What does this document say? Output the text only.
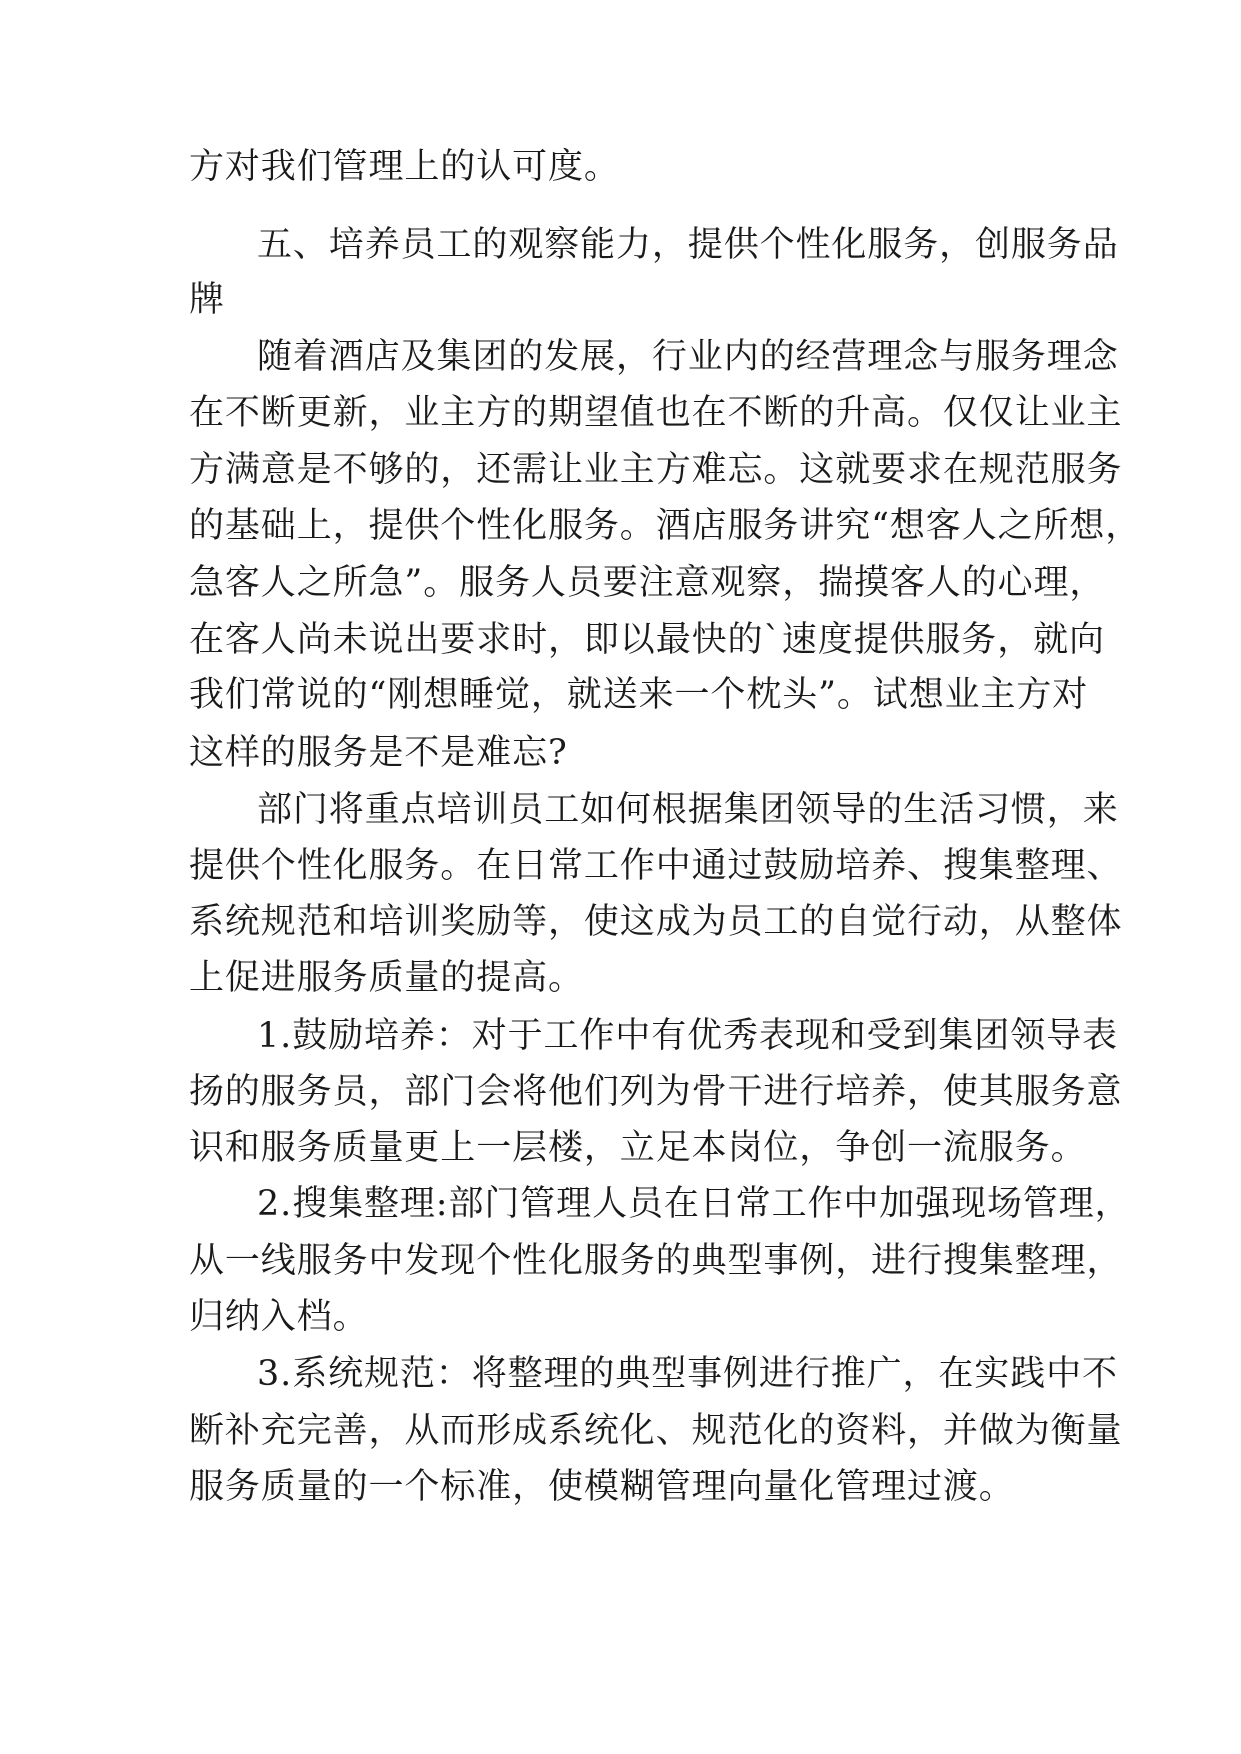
方对我们管理上的认可度。
五、培养员工的观察能力，提供个性化服务，创服务品
牌
随着酒店及集团的发展，行业内的经营理念与服务理念
在不断更新，业主方的期望值也在不断的升高。仅仅让业主
方满意是不够的，还需让业主方难忘。这就要求在规范服务
的基础上，提供个性化服务。酒店服务讲究“想客人之所想，
急客人之所急”。服务人员要注意观察，揣摸客人的心理，
在客人尚未说出要求时，即以最快的`速度提供服务，就向
我们常说的“刚想睡觉，就送来一个枕头”。试想业主方对
这样的服务是不是难忘?
部门将重点培训员工如何根据集团领导的生活习惯，来
提供个性化服务。在日常工作中通过鼓励培养、搜集整理、
系统规范和培训奖励等，使这成为员工的自觉行动，从整体
上促进服务质量的提高。
1.鼓励培养：对于工作中有优秀表现和受到集团领导表
扬的服务员，部门会将他们列为骨干进行培养，使其服务意
识和服务质量更上一层楼，立足本岗位，争创一流服务。
2.搜集整理:部门管理人员在日常工作中加强现场管理，
从一线服务中发现个性化服务的典型事例，进行搜集整理，
归纳入档。
3.系统规范：将整理的典型事例进行推广，在实践中不
断补充完善，从而形成系统化、规范化的资料，并做为衡量
服务质量的一个标准，使模糊管理向量化管理过渡。
